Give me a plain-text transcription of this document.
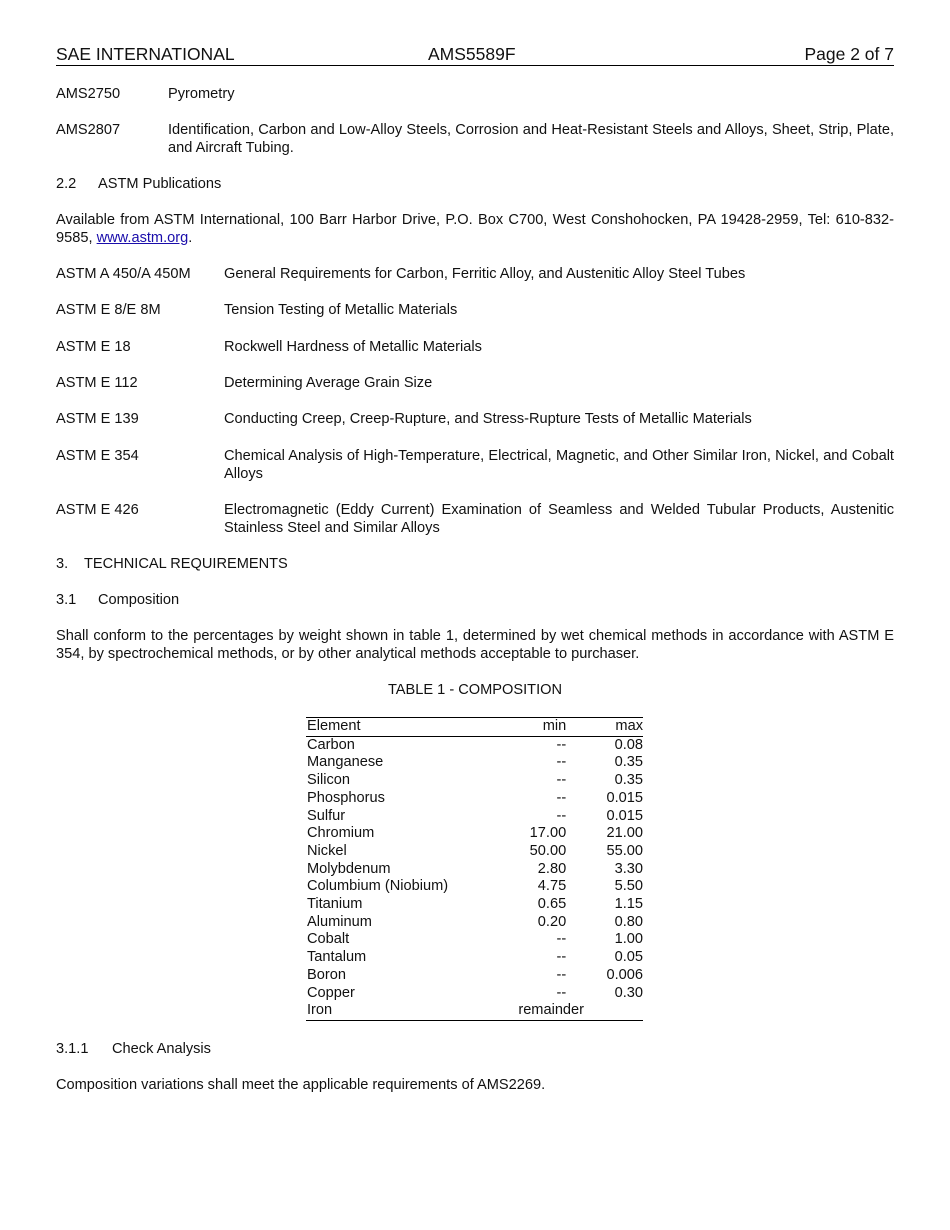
SAE INTERNATIONAL	AMS5589F	Page 2 of 7
AMS2750	Pyrometry
AMS2807	Identification, Carbon and Low-Alloy Steels, Corrosion and Heat-Resistant Steels and Alloys, Sheet, Strip, Plate, and Aircraft Tubing.
2.2 ASTM Publications
Available from ASTM International, 100 Barr Harbor Drive, P.O. Box C700, West Conshohocken, PA 19428-2959, Tel: 610-832-9585, www.astm.org.
ASTM A 450/A 450M General Requirements for Carbon, Ferritic Alloy, and Austenitic Alloy Steel Tubes
ASTM E 8/E 8M	Tension Testing of Metallic Materials
ASTM E 18	Rockwell Hardness of Metallic Materials
ASTM E 112	Determining Average Grain Size
ASTM E 139	Conducting Creep, Creep-Rupture, and Stress-Rupture Tests of Metallic Materials
ASTM E 354	Chemical Analysis of High-Temperature, Electrical, Magnetic, and Other Similar Iron, Nickel, and Cobalt Alloys
ASTM E 426	Electromagnetic (Eddy Current) Examination of Seamless and Welded Tubular Products, Austenitic Stainless Steel and Similar Alloys
3. TECHNICAL REQUIREMENTS
3.1 Composition
Shall conform to the percentages by weight shown in table 1, determined by wet chemical methods in accordance with ASTM E 354, by spectrochemical methods, or by other analytical methods acceptable to purchaser.
TABLE 1 - COMPOSITION
Element	min	max
Carbon	--	0.08
Manganese	--	0.35
Silicon	--	0.35
Phosphorus	--	0.015
Sulfur	--	0.015
Chromium	17.00	21.00
Nickel	50.00	55.00
Molybdenum	2.80	3.30
Columbium (Niobium)	4.75	5.50
Titanium	0.65	1.15
Aluminum	0.20	0.80
Cobalt	--	1.00
Tantalum	--	0.05
Boron	--	0.006
Copper	--	0.30
Iron	remainder	
3.1.1 Check Analysis
Composition variations shall meet the applicable requirements of AMS2269.
